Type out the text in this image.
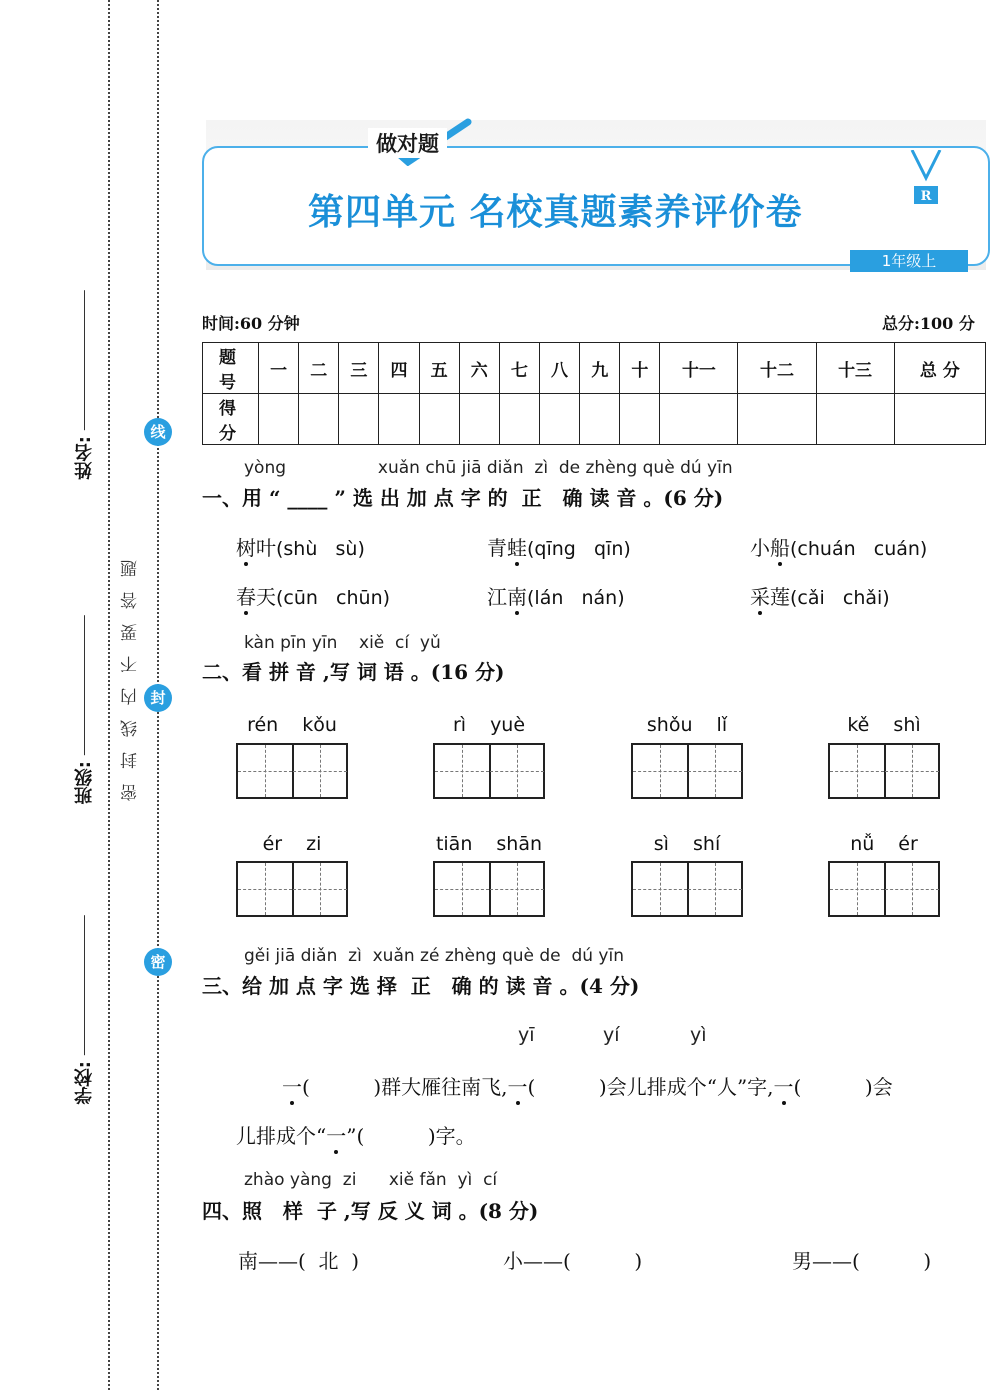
姓名:
班级:
学校:
密封线内不要答题
线
封
密
做对题
第四单元 名校真题素养评价卷	R
1年级上
时间:60 分钟	总分:100 分
题 号	一	二	三	四	五	六	七	八	九	十	十一	十二	十三	总 分
得 分														
yòng                 xuǎn chū jiā diǎn  zì  de zhèng què dú yīn
一、用 “ ____ ” 选 出 加 点 字 的  正   确 读 音 。(6 分)
树叶(shù   sù)	青蛙(qīng   qīn)	小船(chuán   cuán)
春天(cūn   chūn)	江南(lán   nán)	采莲(cǎi   chǎi)
kàn pīn yīn    xiě  cí  yǔ
二、看 拼 音 ,写 词 语 。(16 分)
rén kǒu	rì yuè	shǒu lǐ	kě shì
ér zi	tiān shān	sì shí	nǚ ér
gěi jiā diǎn  zì  xuǎn zé zhèng què de  dú yīn
三、给 加 点 字 选 择  正   确 的 读 音 。(4 分)
yī	yí	yì
一(          )群大雁往南飞,一(          )会儿排成个“人”字,一(          )会
儿排成个“一”(          )字。
zhào yàng  zi      xiě fǎn  yì  cí
四、照   样  子 ,写 反 义 词 。(8 分)
南——(  北  )	小——(          )	男——(          )
